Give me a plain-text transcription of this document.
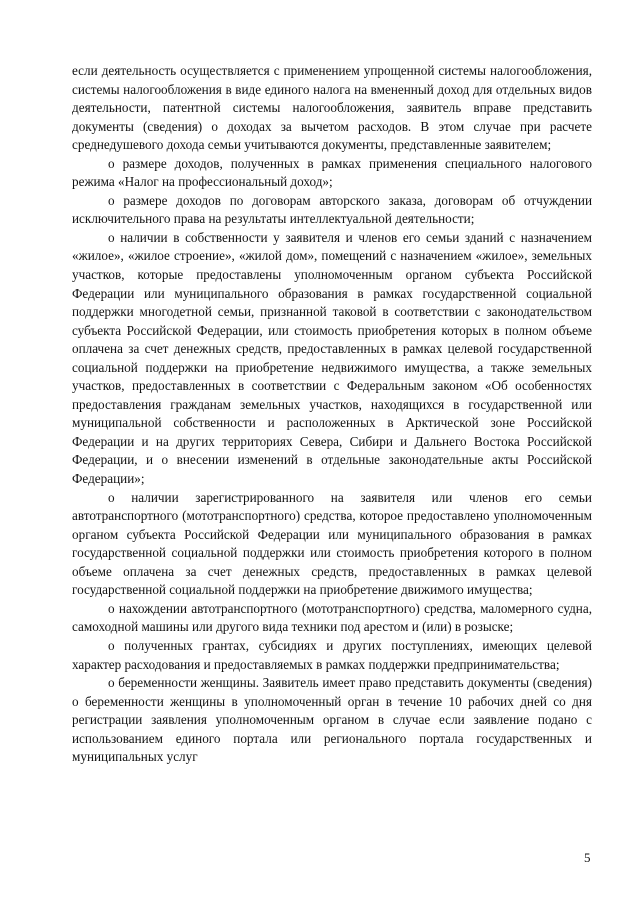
если деятельность осуществляется с применением упрощенной системы налогообложения, системы налогообложения в виде единого налога на вмененный доход для отдельных видов деятельности, патентной системы налогообложения, заявитель вправе представить документы (сведения) о доходах за вычетом расходов. В этом случае при расчете среднедушевого дохода семьи учитываются документы, представленные заявителем;

о размере доходов, полученных в рамках применения специального налогового режима «Налог на профессиональный доход»;

о размере доходов по договорам авторского заказа, договорам об отчуждении исключительного права на результаты интеллектуальной деятельности;

о наличии в собственности у заявителя и членов его семьи зданий с назначением «жилое», «жилое строение», «жилой дом», помещений с назначением «жилое», земельных участков, которые предоставлены уполномоченным органом субъекта Российской Федерации или муниципального образования в рамках государственной социальной поддержки многодетной семьи, признанной таковой в соответствии с законодательством субъекта Российской Федерации, или стоимость приобретения которых в полном объеме оплачена за счет денежных средств, предоставленных в рамках целевой государственной социальной поддержки на приобретение недвижимого имущества, а также земельных участков, предоставленных в соответствии с Федеральным законом «Об особенностях предоставления гражданам земельных участков, находящихся в государственной или муниципальной собственности и расположенных в Арктической зоне Российской Федерации и на других территориях Севера, Сибири и Дальнего Востока Российской Федерации, и о внесении изменений в отдельные законодательные акты Российской Федерации»;

о наличии зарегистрированного на заявителя или членов его семьи автотранспортного (мототранспортного) средства, которое предоставлено уполномоченным органом субъекта Российской Федерации или муниципального образования в рамках государственной социальной поддержки или стоимость приобретения которого в полном объеме оплачена за счет денежных средств, предоставленных в рамках целевой государственной социальной поддержки на приобретение движимого имущества;

о нахождении автотранспортного (мототранспортного) средства, маломерного судна, самоходной машины или другого вида техники под арестом и (или) в розыске;

о полученных грантах, субсидиях и других поступлениях, имеющих целевой характер расходования и предоставляемых в рамках поддержки предпринимательства;

о беременности женщины. Заявитель имеет право представить документы (сведения) о беременности женщины в уполномоченный орган в течение 10 рабочих дней со дня регистрации заявления уполномоченным органом в случае если заявление подано с использованием единого портала или регионального портала государственных и муниципальных услуг

5
